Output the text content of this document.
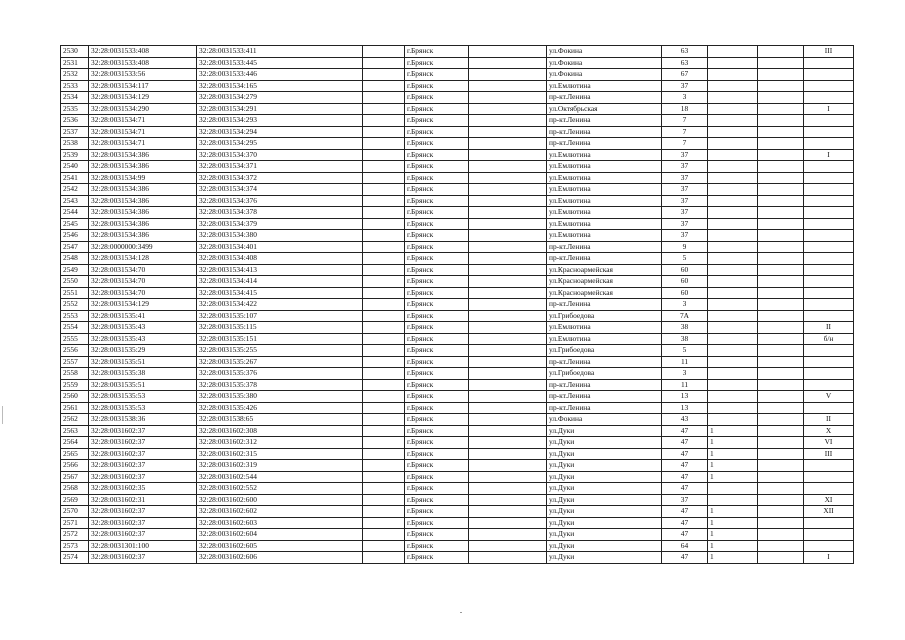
2530	32:28:0031533:408	32:28:0031533:411		г.Брянск		ул.Фокина	63			III
2531	32:28:0031533:408	32:28:0031533:445		г.Брянск		ул.Фокина	63			
2532	32:28:0031533:56	32:28:0031533:446		г.Брянск		ул.Фокина	67			
2533	32:28:0031534:117	32:28:0031534:165		г.Брянск		ул.Емлютина	37			
2534	32:28:0031534:129	32:28:0031534:279		г.Брянск		пр-кт.Ленина	3			
2535	32:28:0031534:290	32:28:0031534:291		г.Брянск		ул.Октябрьская	18			I
2536	32:28:0031534:71	32:28:0031534:293		г.Брянск		пр-кт.Ленина	7			
2537	32:28:0031534:71	32:28:0031534:294		г.Брянск		пр-кт.Ленина	7			
2538	32:28:0031534:71	32:28:0031534:295		г.Брянск		пр-кт.Ленина	7			
2539	32:28:0031534:386	32:28:0031534:370		г.Брянск		ул.Емлютина	37			I
2540	32:28:0031534:386	32:28:0031534:371		г.Брянск		ул.Емлютина	37			
2541	32:28:0031534:99	32:28:0031534:372		г.Брянск		ул.Емлютина	37			
2542	32:28:0031534:386	32:28:0031534:374		г.Брянск		ул.Емлютина	37			
2543	32:28:0031534:386	32:28:0031534:376		г.Брянск		ул.Емлютина	37			
2544	32:28:0031534:386	32:28:0031534:378		г.Брянск		ул.Емлютина	37			
2545	32:28:0031534:386	32:28:0031534:379		г.Брянск		ул.Емлютина	37			
2546	32:28:0031534:386	32:28:0031534:380		г.Брянск		ул.Емлютина	37			
2547	32:28:0000000:3499	32:28:0031534:401		г.Брянск		пр-кт.Ленина	9			
2548	32:28:0031534:128	32:28:0031534:408		г.Брянск		пр-кт.Ленина	5			
2549	32:28:0031534:70	32:28:0031534:413		г.Брянск		ул.Красноармейская	60			
2550	32:28:0031534:70	32:28:0031534:414		г.Брянск		ул.Красноармейская	60			
2551	32:28:0031534:70	32:28:0031534:415		г.Брянск		ул.Красноармейская	60			
2552	32:28:0031534:129	32:28:0031534:422		г.Брянск		пр-кт.Ленина	3			
2553	32:28:0031535:41	32:28:0031535:107		г.Брянск		ул.Грибоедова	7А			
2554	32:28:0031535:43	32:28:0031535:115		г.Брянск		ул.Емлютина	38			II
2555	32:28:0031535:43	32:28:0031535:151		г.Брянск		ул.Емлютина	38			б/н
2556	32:28:0031535:29	32:28:0031535:255		г.Брянск		ул.Грибоедова	5			
2557	32:28:0031535:51	32:28:0031535:267		г.Брянск		пр-кт.Ленина	11			
2558	32:28:0031535:38	32:28:0031535:376		г.Брянск		ул.Грибоедова	3			
2559	32:28:0031535:51	32:28:0031535:378		г.Брянск		пр-кт.Ленина	11			
2560	32:28:0031535:53	32:28:0031535:380		г.Брянск		пр-кт.Ленина	13			V
2561	32:28:0031535:53	32:28:0031535:426		г.Брянск		пр-кт.Ленина	13			
2562	32:28:0031538:36	32:28:0031538:65		г.Брянск		ул.Фокина	43			II
2563	32:28:0031602:37	32:28:0031602:308		г.Брянск		ул.Дуки	47	1		X
2564	32:28:0031602:37	32:28:0031602:312		г.Брянск		ул.Дуки	47	1		VI
2565	32:28:0031602:37	32:28:0031602:315		г.Брянск		ул.Дуки	47	1		III
2566	32:28:0031602:37	32:28:0031602:319		г.Брянск		ул.Дуки	47	1		
2567	32:28:0031602:37	32:28:0031602:544		г.Брянск		ул.Дуки	47	1		
2568	32:28:0031602:35	32:28:0031602:552		г.Брянск		ул.Дуки	47			
2569	32:28:0031602:31	32:28:0031602:600		г.Брянск		ул.Дуки	37			XI
2570	32:28:0031602:37	32:28:0031602:602		г.Брянск		ул.Дуки	47	1		XII
2571	32:28:0031602:37	32:28:0031602:603		г.Брянск		ул.Дуки	47	1		
2572	32:28:0031602:37	32:28:0031602:604		г.Брянск		ул.Дуки	47	1		
2573	32:28:0031301:100	32:28:0031602:605		г.Брянск		ул.Дуки	64	1		
2574	32:28:0031602:37	32:28:0031602:606		г.Брянск		ул.Дуки	47	1		I
